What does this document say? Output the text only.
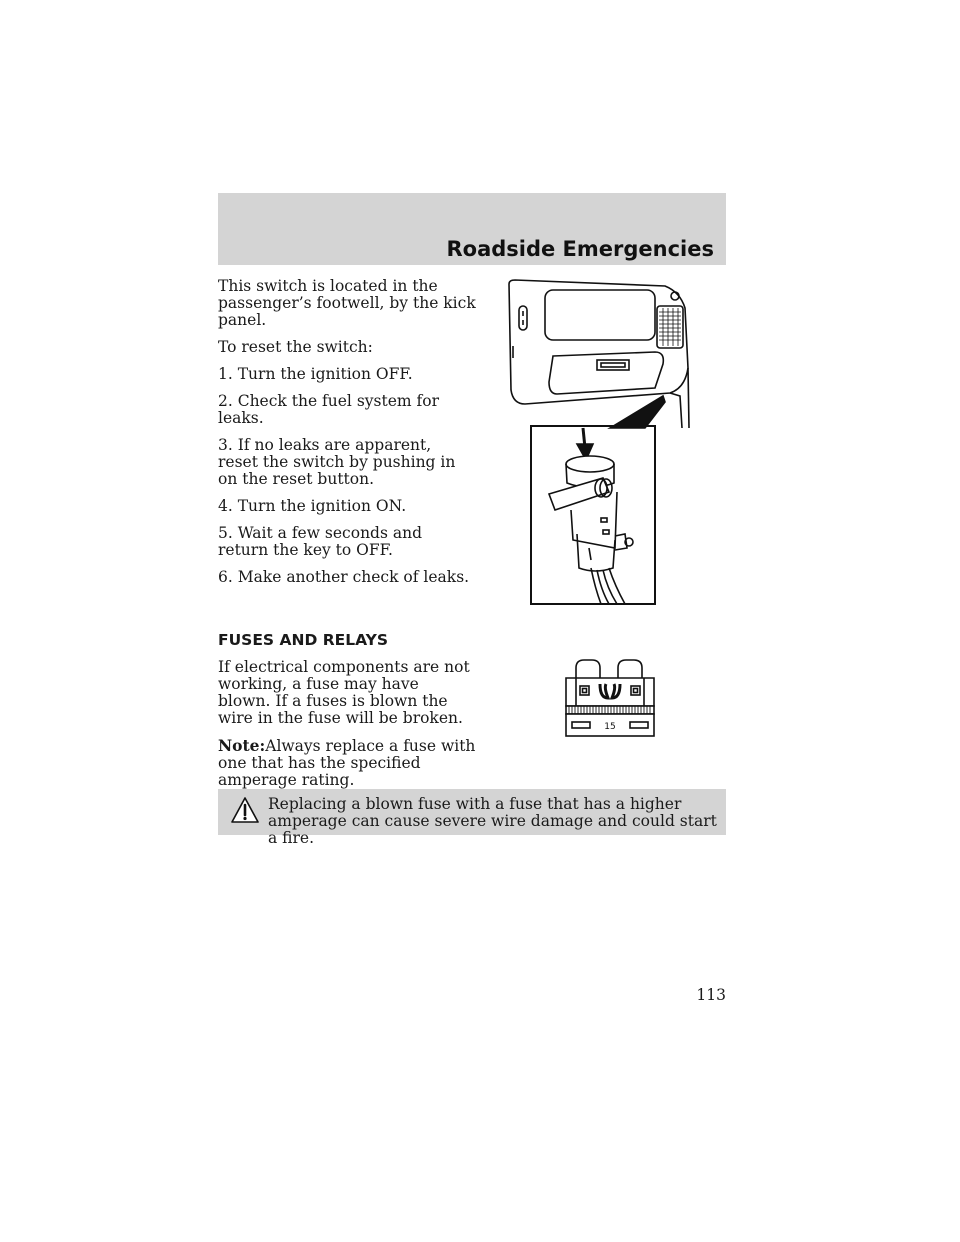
Roadside Emergencies

This switch is located in the passenger’s footwell, by the kick panel.

To reset the switch:

1. Turn the ignition OFF.

2. Check the fuel system for leaks.

3. If no leaks are apparent, reset the switch by pushing in on the reset button.

4. Turn the ignition ON.

5. Wait a few seconds and return the key to OFF.

6. Make another check of leaks.

FUSES AND RELAYS

If electrical components are not working, a fuse may have blown. If a fuses is blown the wire in the fuse will be broken.

Note:Always replace a fuse with one that has the specified amperage rating.

15
Replacing a blown fuse with a fuse that has a higher amperage can cause severe wire damage and could start a fire.
113
